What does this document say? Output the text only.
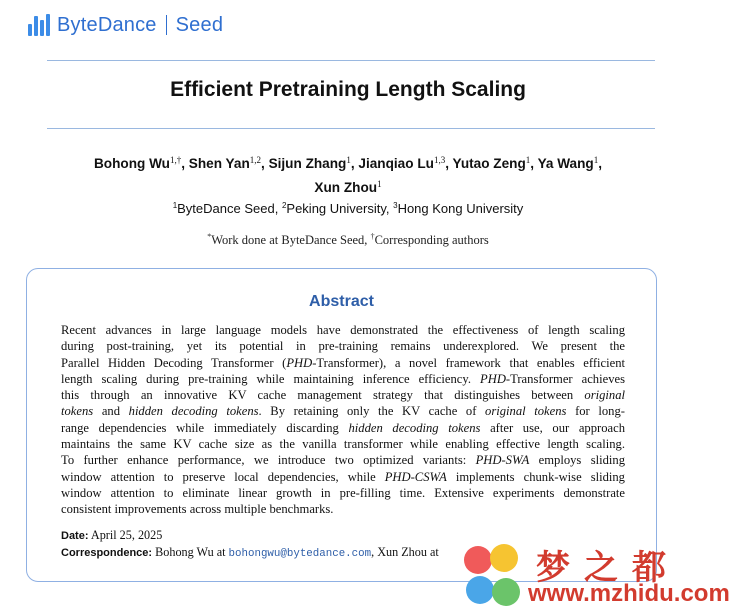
ByteDance Seed
Efficient Pretraining Length Scaling
Bohong $Wu^{1,\dagger}$, Shen Yan$^{1,2}$, Sijun Zhang$^1$, Jianqiao Lu$^{1,3}$, Yutao Zeng$^1$, Ya Wang$^1$,
Xun Zhou$^1$
$^1$ByteDance Seed, $^2$Peking University, $^3$Hong Kong University
*Work done at ByteDance Seed, †Corresponding authors
Abstract
Recent advances in large language models have demonstrated the effectiveness of length scaling
during post-training, yet its potential in pre-training remains underexplored. We present the
Parallel Hidden Decoding Transformer (PHD-Transformer), a novel framework that enables efficient
length scaling during pre-training while maintaining inference efficiency. PHD-Transformer achieves
this through an innovative KV cache management strategy that distinguishes between original
tokens and hidden decoding tokens. By retaining only the KV cache of original tokens for long-
range dependencies while immediately discarding hidden decoding tokens after use, our approach
maintains the same KV cache size as the vanilla transformer while enabling effective length scaling.
To further enhance performance, we introduce two optimized variants: PHD-SWA employs sliding
window attention to preserve local dependencies, while PHD-CSWA implements chunk-wise sliding
window attention to eliminate linear growth in pre-filling time. Extensive experiments demonstrate
consistent improvements across multiple benchmarks.
Date: April 25, 2025
Correspondence: Bohong Wu at bohongwu@bytedance.com, Xun Zhou at	梦之都
www.mzhidu.com
